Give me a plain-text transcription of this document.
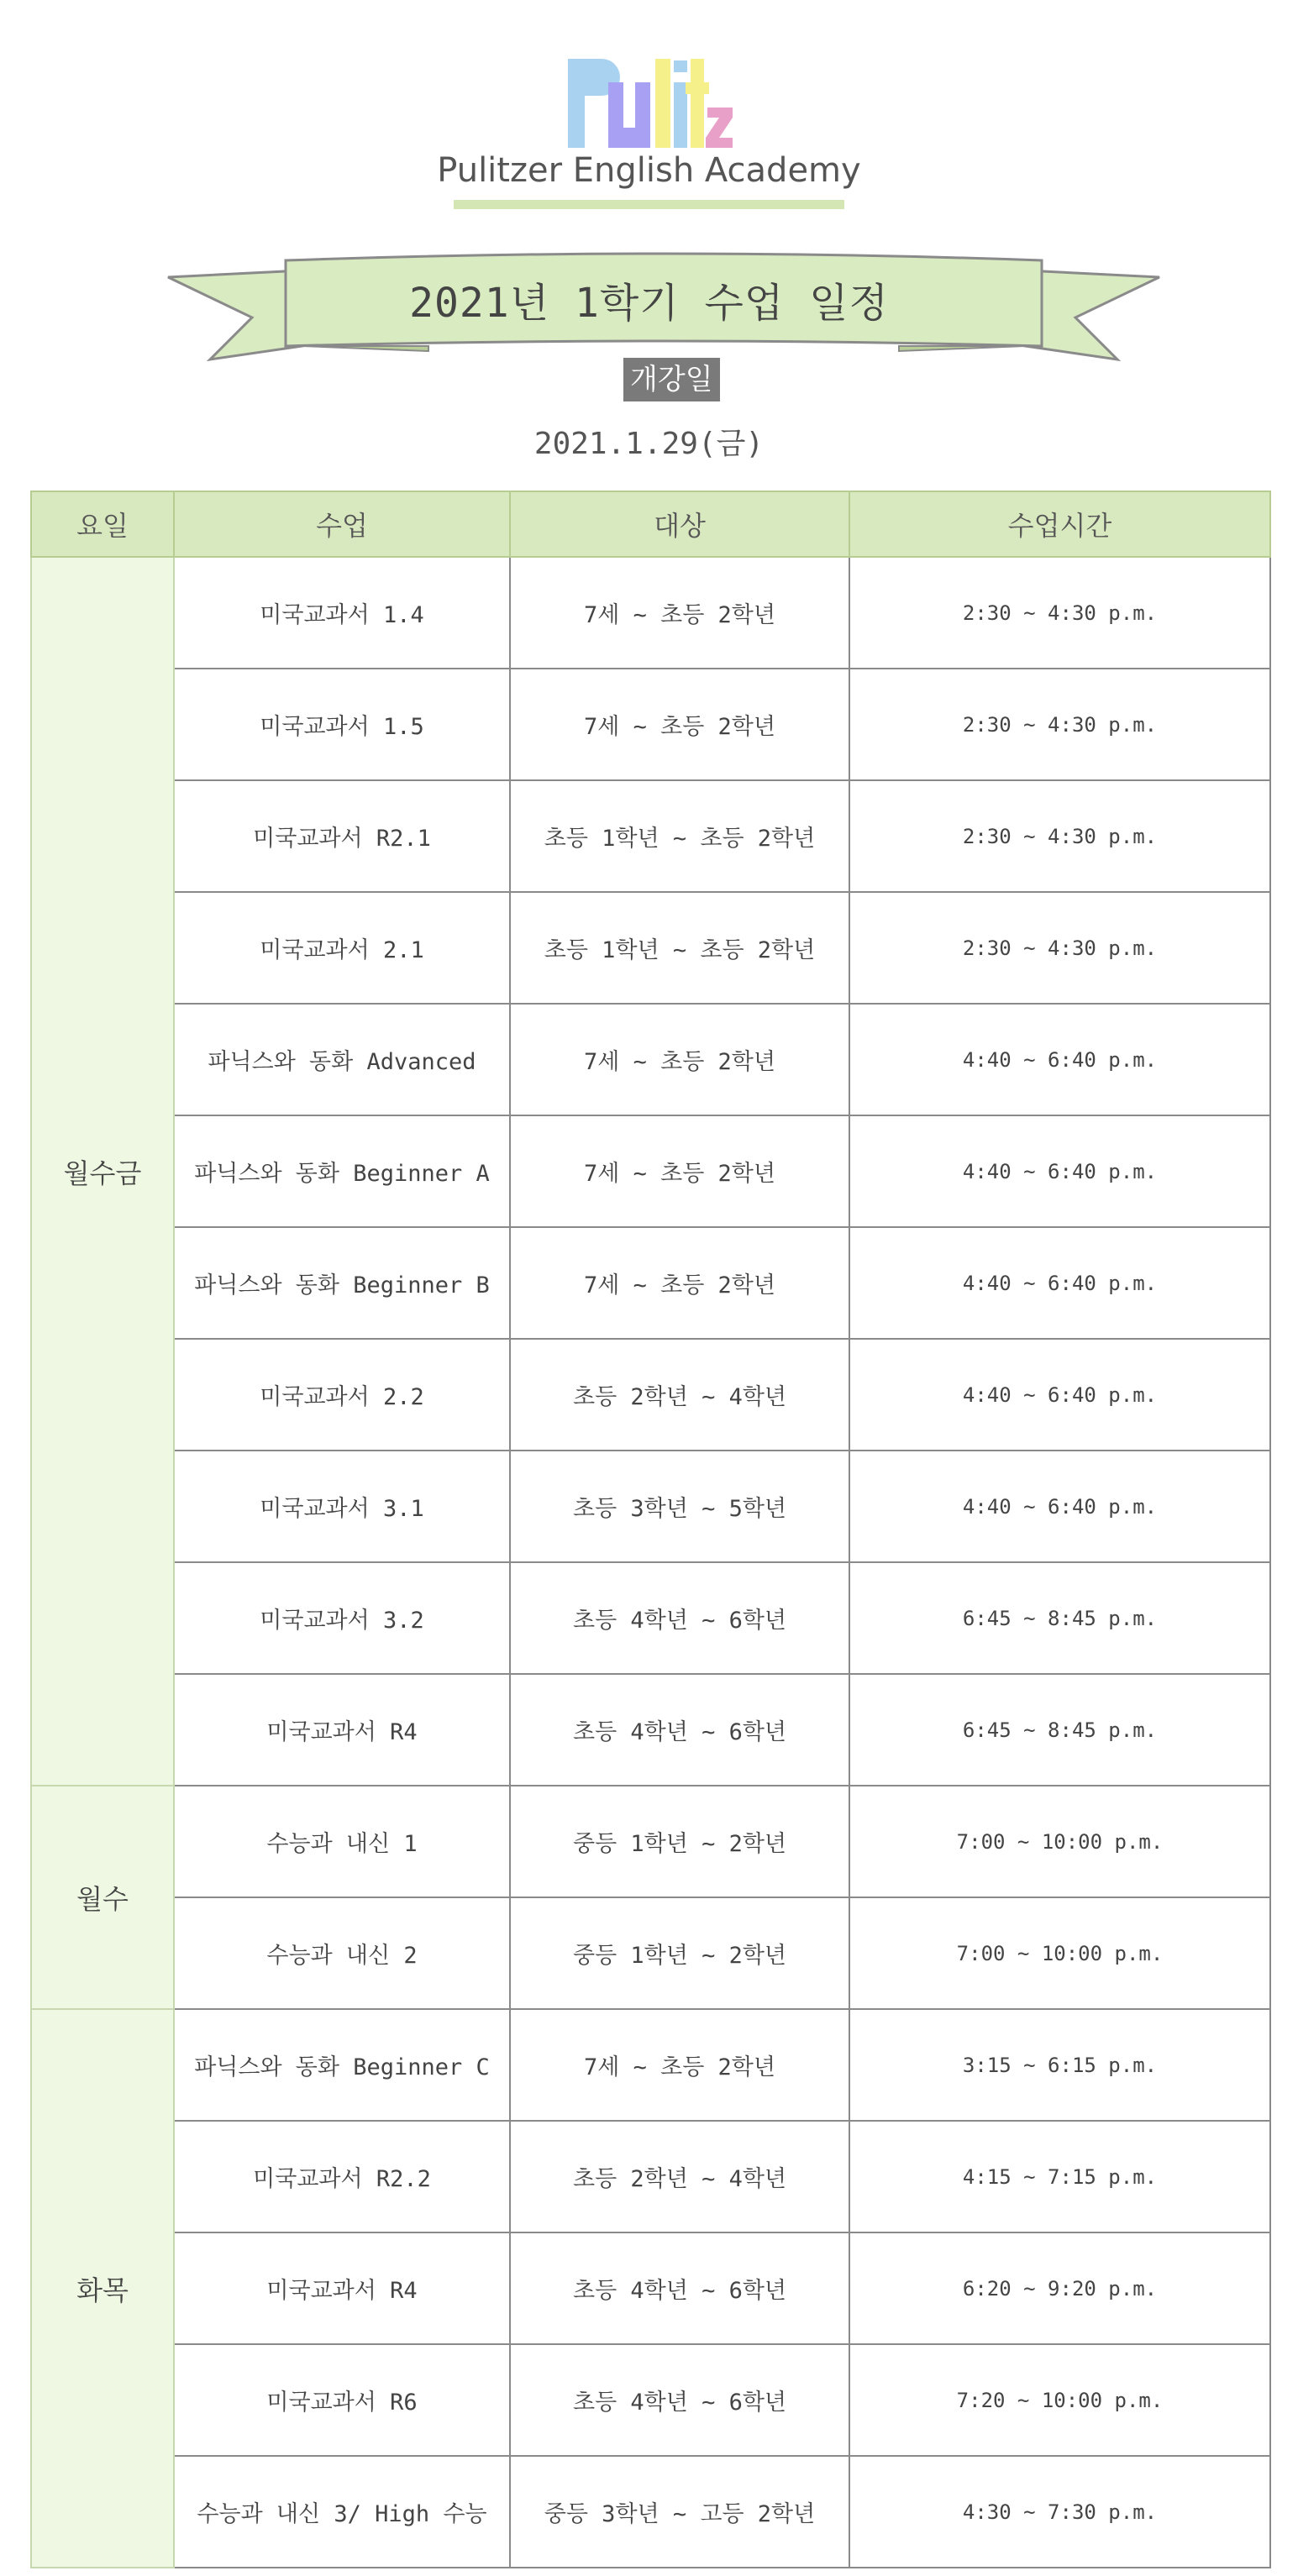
Pulitzer English Academy
2021년 1학기 수업 일정
개강일
2021.1.29(금)
요일	수업	대상	수업시간
월수금	미국교과서 1.4	7세 ~ 초등 2학년	2:30 ~ 4:30 p.m.
	미국교과서 1.5	7세 ~ 초등 2학년	2:30 ~ 4:30 p.m.
	미국교과서 R2.1	초등 1학년 ~ 초등 2학년	2:30 ~ 4:30 p.m.
	미국교과서 2.1	초등 1학년 ~ 초등 2학년	2:30 ~ 4:30 p.m.
	파닉스와 동화 Advanced	7세 ~ 초등 2학년	4:40 ~ 6:40 p.m.
	파닉스와 동화 Beginner A	7세 ~ 초등 2학년	4:40 ~ 6:40 p.m.
	파닉스와 동화 Beginner B	7세 ~ 초등 2학년	4:40 ~ 6:40 p.m.
	미국교과서 2.2	초등 2학년 ~ 4학년	4:40 ~ 6:40 p.m.
	미국교과서 3.1	초등 3학년 ~ 5학년	4:40 ~ 6:40 p.m.
	미국교과서 3.2	초등 4학년 ~ 6학년	6:45 ~ 8:45 p.m.
	미국교과서 R4	초등 4학년 ~ 6학년	6:45 ~ 8:45 p.m.
월수	수능과 내신 1	중등 1학년 ~ 2학년	7:00 ~ 10:00 p.m.
	수능과 내신 2	중등 1학년 ~ 2학년	7:00 ~ 10:00 p.m.
화목	파닉스와 동화 Beginner C	7세 ~ 초등 2학년	3:15 ~ 6:15 p.m.
	미국교과서 R2.2	초등 2학년 ~ 4학년	4:15 ~ 7:15 p.m.
	미국교과서 R4	초등 4학년 ~ 6학년	6:20 ~ 9:20 p.m.
	미국교과서 R6	초등 4학년 ~ 6학년	7:20 ~ 10:00 p.m.
	수능과 내신 3/ High 수능	중등 3학년 ~ 고등 2학년	4:30 ~ 7:30 p.m.
